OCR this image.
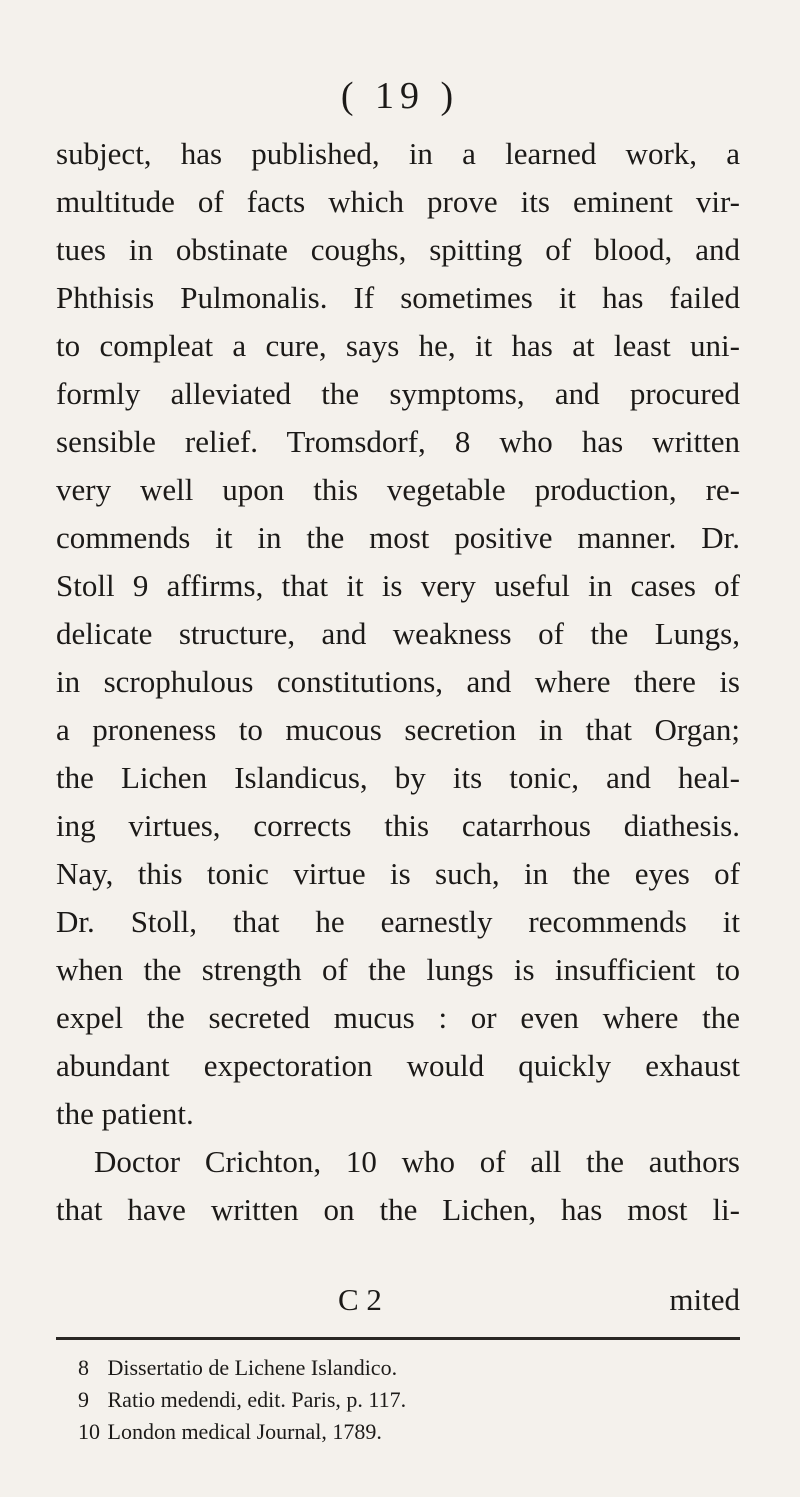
( 19 )
subject, has published, in a learned work, a
multitude of facts which prove its eminent vir-
tues in obstinate coughs, spitting of blood, and
Phthisis Pulmonalis. If sometimes it has failed
to compleat a cure, says he, it has at least uni-
formly alleviated the symptoms, and procured
sensible relief. Tromsdorf, 8 who has written
very well upon this vegetable production, re-
commends it in the most positive manner. Dr.
Stoll 9 affirms, that it is very useful in cases of
delicate structure, and weakness of the Lungs,
in scrophulous constitutions, and where there is
a proneness to mucous secretion in that Organ;
the Lichen Islandicus, by its tonic, and heal-
ing virtues, corrects this catarrhous diathesis.
Nay, this tonic virtue is such, in the eyes of
Dr. Stoll, that he earnestly recommends it
when the strength of the lungs is insufficient to
expel the secreted mucus : or even where the
abundant expectoration would quickly exhaust
the patient.
Doctor Crichton, 10 who of all the authors
that have written on the Lichen, has most li-
C 2	mited
8 Dissertatio de Lichene Islandico.
9 Ratio medendi, edit. Paris, p. 117.
10 London medical Journal, 1789.
